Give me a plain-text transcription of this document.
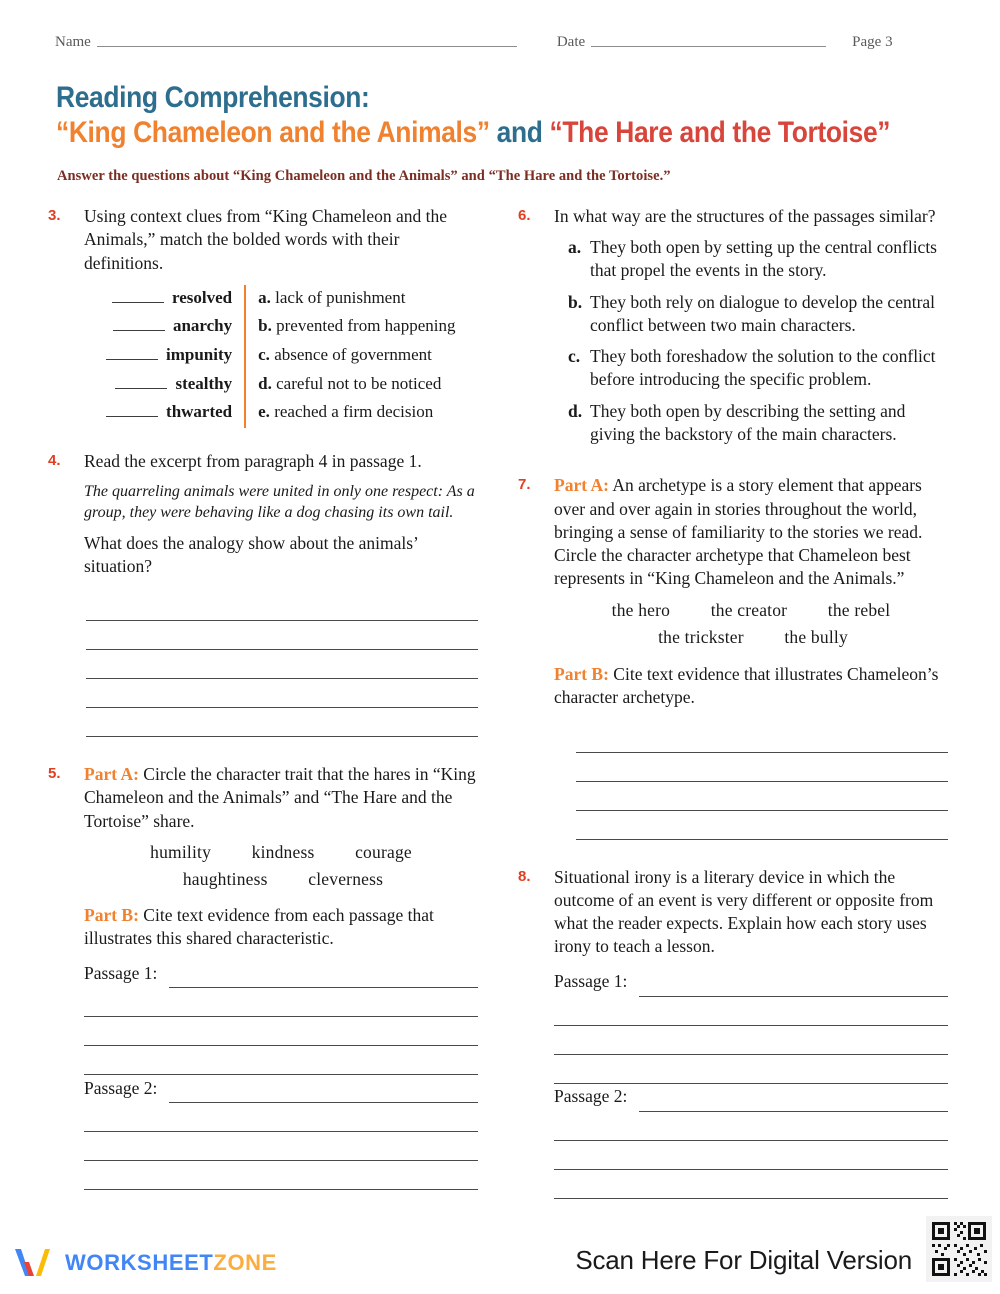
Name	Date	Page 3
Reading Comprehension:
“King Chameleon and the Animals” and “The Hare and the Tortoise”
Answer the questions about “King Chameleon and the Animals” and “The Hare and the Tortoise.”
3.	Using context clues from “King Chameleon and the Animals,” match the bolded words with their definitions.

resolved	a. lack of punishment
anarchy	b. prevented from happening
impunity	c. absence of government
stealthy	d. careful not to be noticed
thwarted	e. reached a firm decision
4.	Read the excerpt from paragraph 4 in passage 1.

The quarreling animals were united in only one respect: As a group, they were behaving like a dog chasing its own tail.

What does the analogy show about the animals’ situation?

5.	Part A: Circle the character trait that the hares in “King Chameleon and the Animals” and “The Hare and the Tortoise” share.

humility kindness courage
haughtiness cleverness

Part B: Cite text evidence from each passage that illustrates this shared characteristic.

Passage 1:
Passage 2:
6.	In what way are the structures of the passages similar?

a. They both open by setting up the central conflicts that propel the events in the story.
b. They both rely on dialogue to develop the central conflict between two main characters.
c. They both foreshadow the solution to the conflict before introducing the specific problem.
d. They both open by describing the setting and giving the backstory of the main characters.
7.	Part A: An archetype is a story element that appears over and over again in stories throughout the world, bringing a sense of familiarity to the stories we read. Circle the character archetype that Chameleon best represents in “King Chameleon and the Animals.”

the hero the creator the rebel
the trickster the bully

Part B: Cite text evidence that illustrates Chameleon’s character archetype.

8.	Situational irony is a literary device in which the outcome of an event is very different or opposite from what the reader expects. Explain how each story uses irony to teach a lesson.

Passage 1:
Passage 2:
WORKSHEETZONE	Scan Here For Digital Version
